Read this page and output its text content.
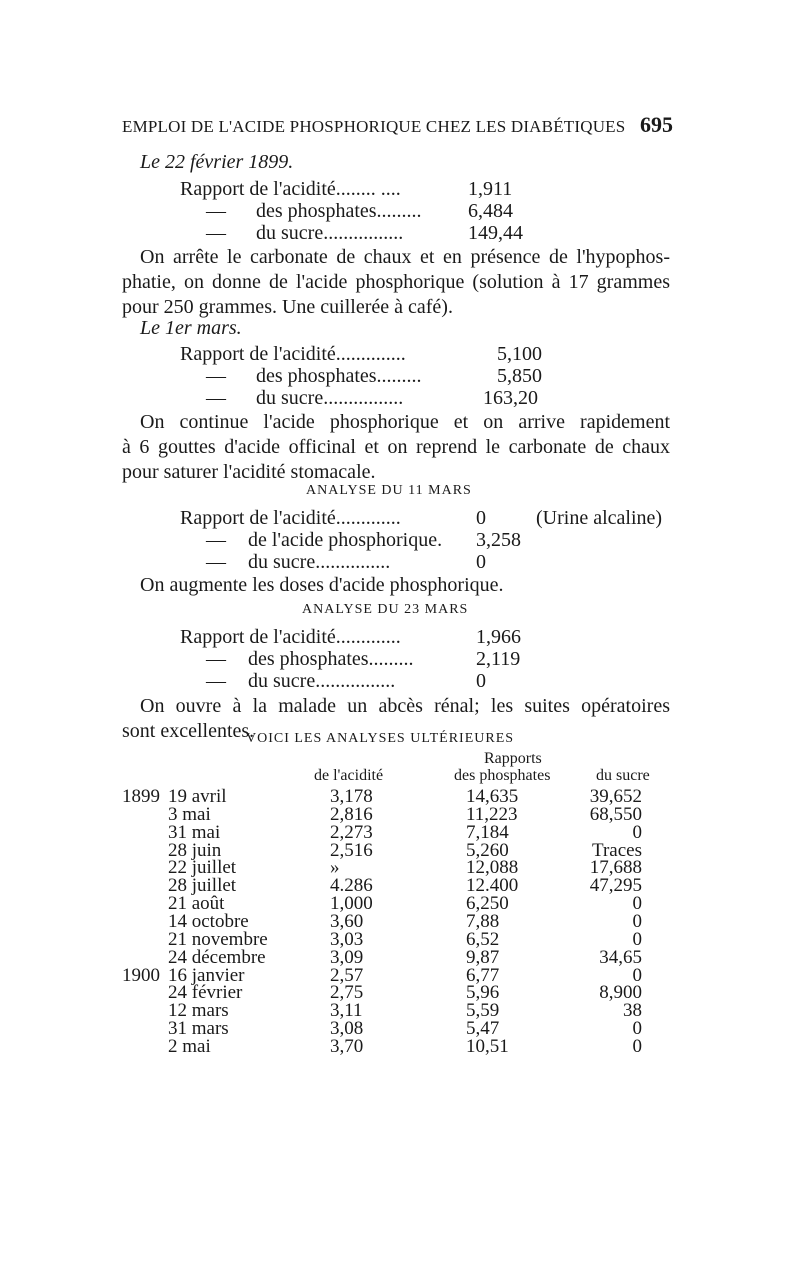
EMPLOI DE L'ACIDE PHOSPHORIQUE CHEZ LES DIABÉTIQUES 695
Le 22 février 1899.
Rapport de l'acidité........ ....	1,911
— des phosphates......... 6,484
— du sucre................	149,44
On arrête le carbonate de chaux et en présence de l'hypophos-
phatie, on donne de l'acide phosphorique (solution à 17 grammes
pour 250 grammes. Une cuillerée à café).
Le 1er mars.
Rapport de l'acidité..............	5,100
— des phosphates.........	5,850
— du sucre................	163,20
On continue l'acide phosphorique et on arrive rapidement
à 6 gouttes d'acide officinal et on reprend le carbonate de chaux
pour saturer l'acidité stomacale.
ANALYSE DU 11 MARS
Rapport de l'acidité.............	0	(Urine alcaline)
— de l'acide phosphorique. 3,258
— du sucre...............	0
On augmente les doses d'acide phosphorique.
ANALYSE DU 23 MARS
Rapport de l'acidité.............	1,966
— des phosphates.........	2,119
— du sucre................	0
On ouvre à la malade un abcès rénal; les suites opératoires
sont excellentes.
VOICI LES ANALYSES ULTÉRIEURES
Rapports
de l'acidité	des phosphates	du sucre
1899 19 avril	3,178	14,635	39,652
3 mai	2,816	11,223	68,550
31 mai	2,273	7,184	0
28 juin	2,516	5,260	Traces
22 juillet	»	12,088	17,688
28 juillet	4.286	12.400	47,295
21 août	1,000	6,250	0
14 octobre	3,60	7,88	0
21 novembre	3,03	6,52	0
24 décembre	3,09	9,87	34,65
1900 16 janvier	2,57	6,77	0
24 février	2,75	5,96	8,900
12 mars	3,11	5,59	38
31 mars	3,08	5,47	0
2 mai	3,70	10,51	0
